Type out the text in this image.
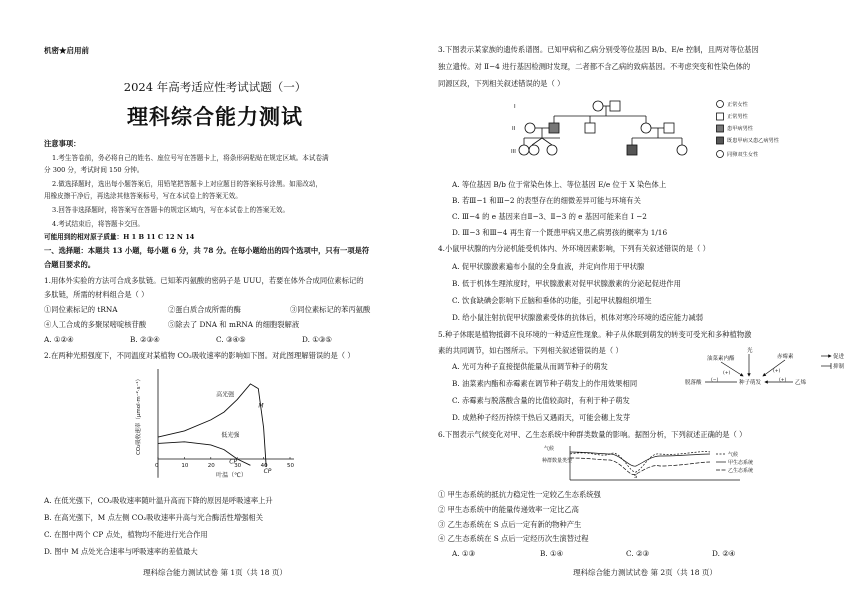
机密★启用前
2024 年高考适应性考试试题（一）
理科综合能力测试
注意事项：
1.考生答卷前，务必将自己的姓名、座位号写在答题卡上，将条形码粘贴在规定区域。本试卷满
分 300 分，考试时间 150 分钟。
2.做选择题时，选出每小题答案后，用铅笔把答题卡上对应题目的答案标号涂黑。如需改动，
用橡皮擦干净后，再选涂其他答案标号，写在本试卷上的答案无效。
3.回答非选择题时，将答案写在答题卡的规定区域内，写在本试卷上的答案无效。
4.考试结束后，将答题卡交回。
可能用到的相对原子质量：H 1 B 11 C 12 N 14
一、选择题：本题共 13 小题，每小题 6 分，共 78 分。在每小题给出的四个选项中，只有一项是符
合题目要求的。
1.用体外实验的方法可合成多肽链。已知苯丙氨酸的密码子是 UUU，若要在体外合成同位素标记的
多肽链，所需的材料组合是（ ）
①同位素标记的 tRNA	②蛋白质合成所需的酶	③同位素标记的苯丙氨酸
④人工合成的多聚尿嘧啶核苷酸	⑤除去了 DNA 和 mRNA 的细胞裂解液
A. ①②④	B. ②③④	C. ③④⑤	D. ①③⑤
2.在两种光照强度下，不同温度对某植物 CO₂吸收速率的影响如下图。对此图理解错误的是（ ）
0	10	20	30	40	50
叶温（℃）
CO₂吸收速率（μmol·m⁻²·s⁻¹）	高光强
低光强
M
CP
CP
A. 在低光强下，CO₂吸收速率随叶温升高而下降的原因是呼吸速率上升
B. 在高光强下，M 点左侧 CO₂吸收速率升高与光合酶活性增强相关
C. 在图中两个 CP 点处，植物均不能进行光合作用
D. 图中 M 点处光合速率与呼吸速率的差值最大
理科综合能力测试试卷 第 1页（共 18 页）
3.下图表示某家族的遗传系谱图。已知甲病和乙病分别受等位基因 B/b、E/e 控制，且两对等位基因
独立遗传。对 Ⅱ−4 进行基因检测时发现，二者都不含乙病的致病基因。不考虑突变和性染色体的
同源区段，下列相关叙述错误的是（ ）
I
II
III
正常女性
正常男性
患甲病男性
既患甲病又患乙病男性
同卵双生女性
A. 等位基因 B/b 位于常染色体上、等位基因 E/e 位于 X 染色体上
B. 若Ⅲ−1 和Ⅲ−2 的表型存在的细微差异可能与环境有关
C. Ⅲ−4 的 e 基因来自Ⅱ−3、Ⅱ−3 的 e 基因可能来自 I −2
D. Ⅲ−3 和Ⅲ−4 再生育一个既患甲病又患乙病男孩的概率为 1/16
4.小鼠甲状腺的内分泌机能受机体内、外环境因素影响，下列有关叙述错误的是（ ）
A. 促甲状腺激素遍布小鼠的全身血液，并定向作用于甲状腺
B. 低于机体生理浓度时，甲状腺激素对促甲状腺激素的分泌起促进作用
C. 饮食缺碘会影响下丘脑和垂体的功能，引起甲状腺组织增生
D. 给小鼠注射抗促甲状腺激素受体的抗体后，机体对寒冷环境的适应能力减弱
5.种子休眠是植物抵御不良环境的一种适应性现象。种子从休眠到萌发的转变可受光和多种植物激
素的共同调节，如右图所示。下列相关叙述错误的是（ ）
A. 光可为种子直接提供能量从而调节种子的萌发
B. 油菜素内酯和赤霉素在调节种子萌发上的作用效果相同
C. 赤霉素与脱落酸含量的比值较高时，有利于种子萌发
D. 成熟种子经历持续干热后又遇雨天，可能会穗上发芽
光
油菜素内酯	赤霉素
脱落酸	种子萌发	乙烯
促进
抑制
(+)
(−)
(+)
(+)
6.下图表示气候变化对甲、乙生态系统中种群类数量的影响。据图分析，下列叙述正确的是（ ）
种群数量类型
气候
S
气候
甲生态系统
乙生态系统
① 甲生态系统的抵抗力稳定性一定较乙生态系统强
② 甲生态系统中的能量传递效率一定比乙高
③ 乙生态系统在 S 点后一定有新的物种产生
④ 乙生态系统在 S 点后一定经历次生演替过程
A. ①③	B. ①④	C. ②③	D. ②④
理科综合能力测试试卷 第 2页（共 18 页）
